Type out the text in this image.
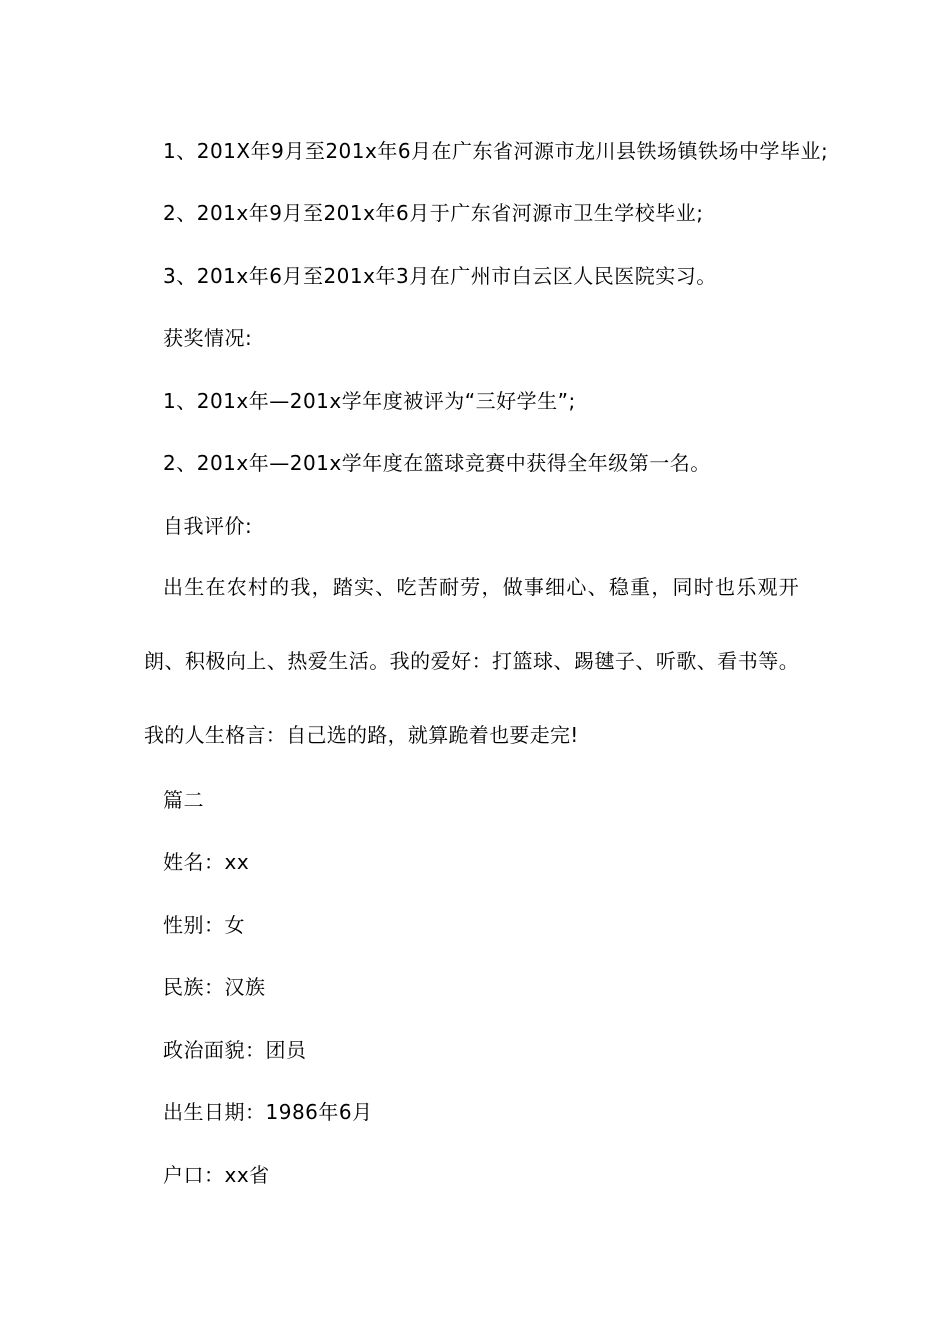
1、201X年9月至201x年6月在广东省河源市龙川县铁场镇铁场中学毕业;
2、201x年9月至201x年6月于广东省河源市卫生学校毕业;
3、201x年6月至201x年3月在广州市白云区人民医院实习。
获奖情况:
1、201x年—201x学年度被评为“三好学生”;
2、201x年—201x学年度在篮球竞赛中获得全年级第一名。
自我评价:
出生在农村的我，踏实、吃苦耐劳，做事细心、稳重，同时也乐观开朗、积极向上、热爱生活。我的爱好：打篮球、踢毽子、听歌、看书等。我的人生格言：自己选的路，就算跪着也要走完!
篇二
姓名：xx
性别：女
民族：汉族
政治面貌：团员
出生日期：1986年6月
户口：xx省
